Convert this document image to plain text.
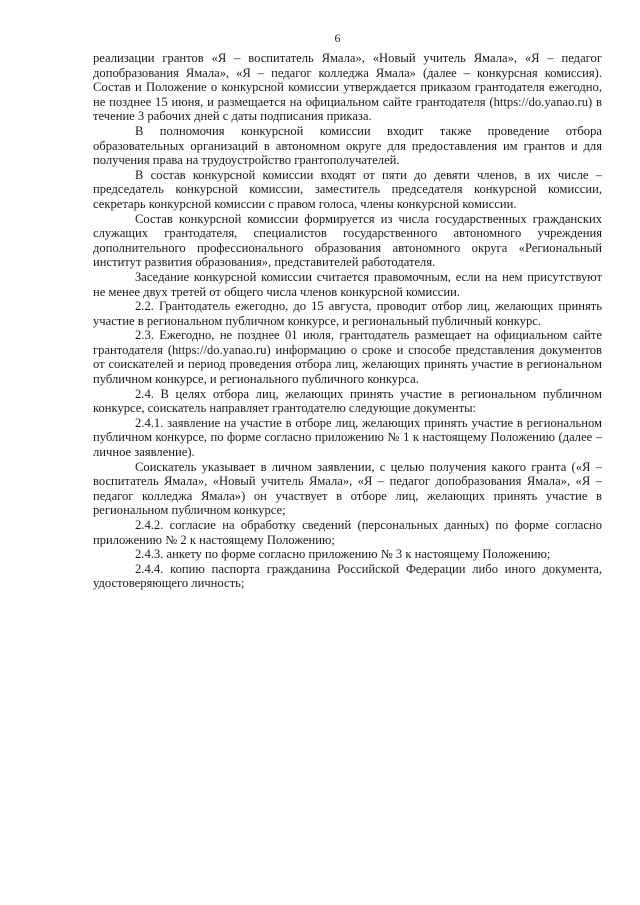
6

реализации грантов «Я – воспитатель Ямала», «Новый учитель Ямала», «Я – педагог допобразования Ямала», «Я – педагог колледжа Ямала» (далее – конкурсная комиссия). Состав и Положение о конкурсной комиссии утверждается приказом грантодателя ежегодно, не позднее 15 июня, и размещается на официальном сайте грантодателя (https://do.yanao.ru) в течение 3 рабочих дней с даты подписания приказа.

В полномочия конкурсной комиссии входит также проведение отбора образовательных организаций в автономном округе для предоставления им грантов и для получения права на трудоустройство грантополучателей.

В состав конкурсной комиссии входят от пяти до девяти членов, в их числе – председатель конкурсной комиссии, заместитель председателя конкурсной комиссии, секретарь конкурсной комиссии с правом голоса, члены конкурсной комиссии.

Состав конкурсной комиссии формируется из числа государственных гражданских служащих грантодателя, специалистов государственного автономного учреждения дополнительного профессионального образования автономного округа «Региональный институт развития образования», представителей работодателя.

Заседание конкурсной комиссии считается правомочным, если на нем присутствуют не менее двух третей от общего числа членов конкурсной комиссии.

2.2. Грантодатель ежегодно, до 15 августа, проводит отбор лиц, желающих принять участие в региональном публичном конкурсе, и региональный публичный конкурс.

2.3. Ежегодно, не позднее 01 июля, грантодатель размещает на официальном сайте грантодателя (https://do.yanao.ru) информацию о сроке и способе представления документов от соискателей и период проведения отбора лиц, желающих принять участие в региональном публичном конкурсе, и регионального публичного конкурса.

2.4. В целях отбора лиц, желающих принять участие в региональном публичном конкурсе, соискатель направляет грантодателю следующие документы:

2.4.1. заявление на участие в отборе лиц, желающих принять участие в региональном публичном конкурсе, по форме согласно приложению № 1 к настоящему Положению (далее – личное заявление).

Соискатель указывает в личном заявлении, с целью получения какого гранта («Я – воспитатель Ямала», «Новый учитель Ямала», «Я – педагог допобразования Ямала», «Я – педагог колледжа Ямала») он участвует в отборе лиц, желающих принять участие в региональном публичном конкурсе;

2.4.2. согласие на обработку сведений (персональных данных) по форме согласно приложению № 2 к настоящему Положению;

2.4.3. анкету по форме согласно приложению № 3 к настоящему Положению;

2.4.4. копию паспорта гражданина Российской Федерации либо иного документа, удостоверяющего личность;
